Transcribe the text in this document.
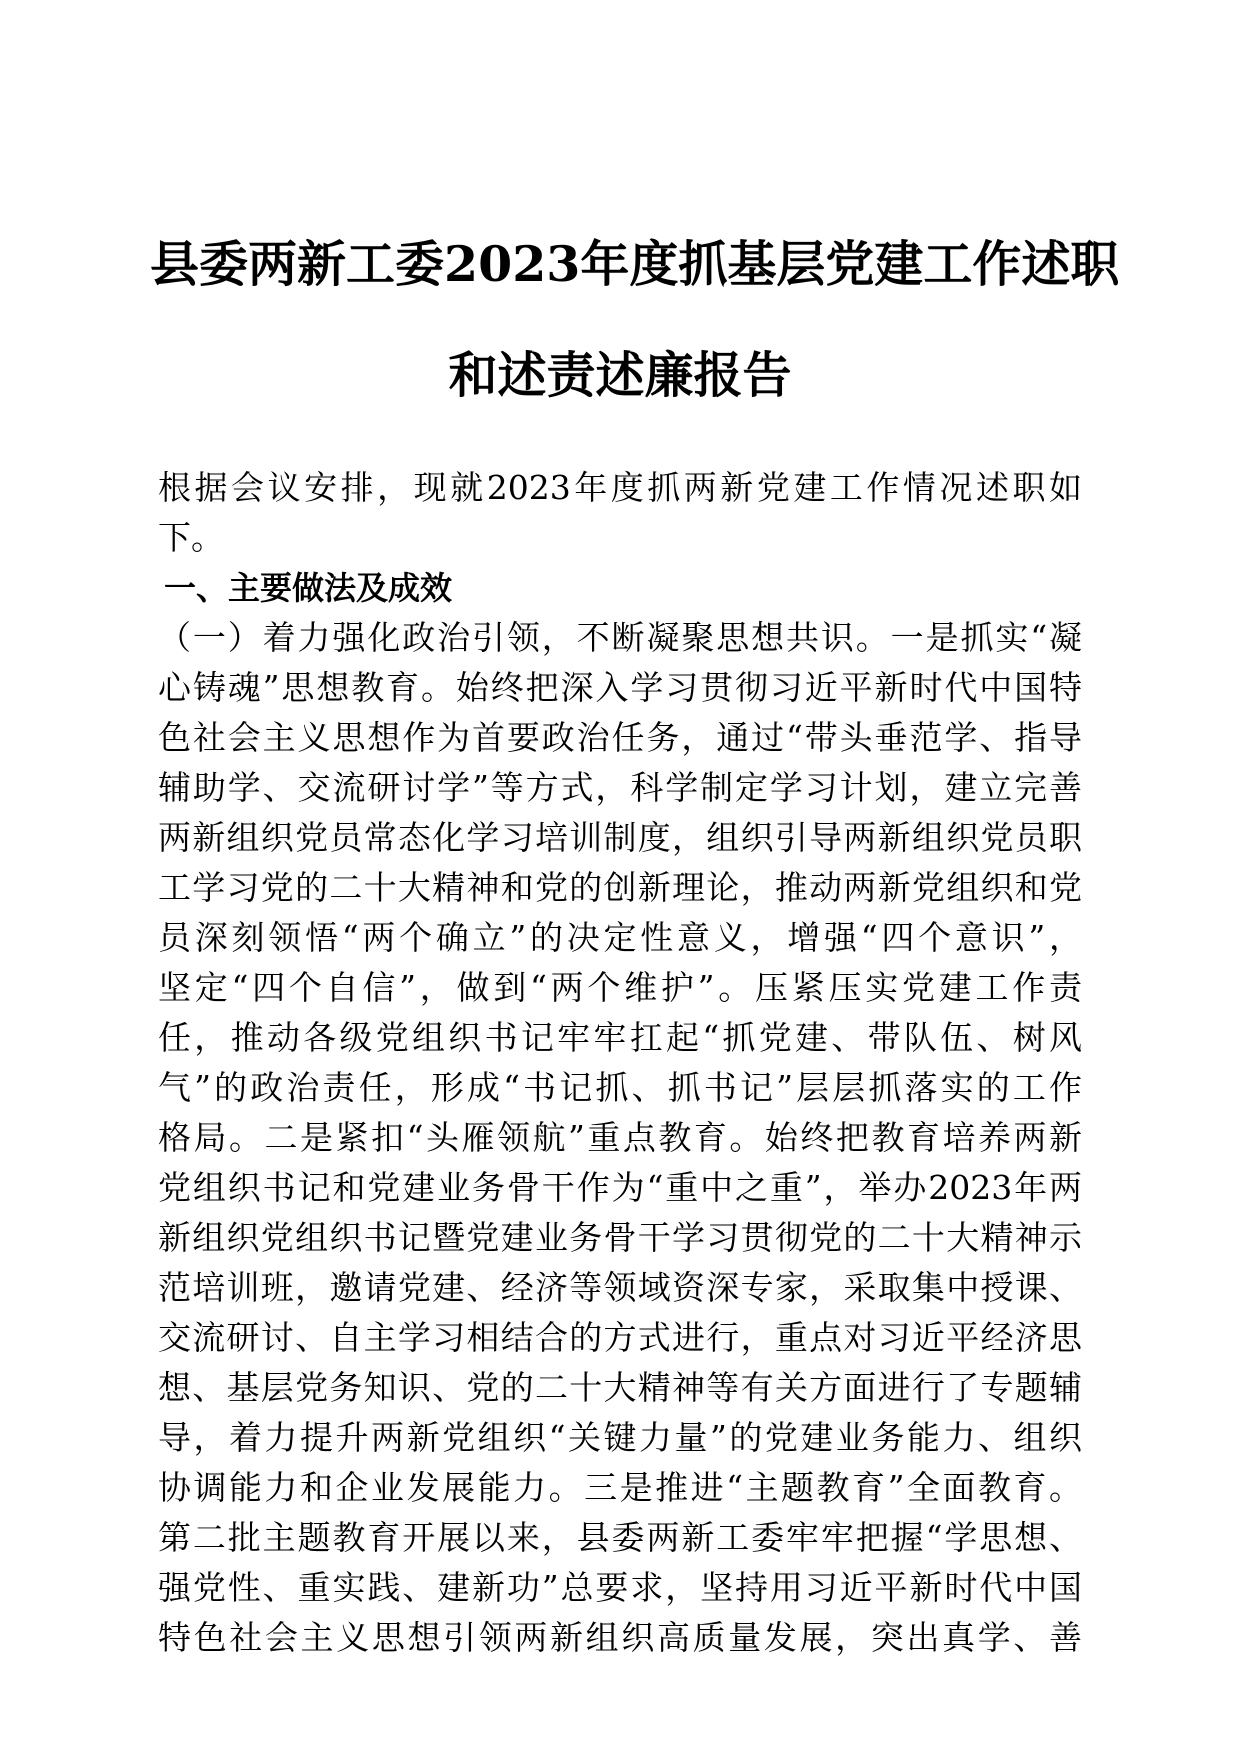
县委两新工委2023年度抓基层党建工作述职
和述责述廉报告
根据会议安排，现就2023年度抓两新党建工作情况述职如
下。
一、主要做法及成效
（一）着力强化政治引领，不断凝聚思想共识。一是抓实“凝
心铸魂”思想教育。始终把深入学习贯彻习近平新时代中国特
色社会主义思想作为首要政治任务，通过“带头垂范学、指导
辅助学、交流研讨学”等方式，科学制定学习计划，建立完善
两新组织党员常态化学习培训制度，组织引导两新组织党员职
工学习党的二十大精神和党的创新理论，推动两新党组织和党
员深刻领悟“两个确立”的决定性意义，增强“四个意识”，
坚定“四个自信”，做到“两个维护”。压紧压实党建工作责
任，推动各级党组织书记牢牢扛起“抓党建、带队伍、树风
气”的政治责任，形成“书记抓、抓书记”层层抓落实的工作
格局。二是紧扣“头雁领航”重点教育。始终把教育培养两新
党组织书记和党建业务骨干作为“重中之重”，举办2023年两
新组织党组织书记暨党建业务骨干学习贯彻党的二十大精神示
范培训班，邀请党建、经济等领域资深专家，采取集中授课、
交流研讨、自主学习相结合的方式进行，重点对习近平经济思
想、基层党务知识、党的二十大精神等有关方面进行了专题辅
导，着力提升两新党组织“关键力量”的党建业务能力、组织
协调能力和企业发展能力。三是推进“主题教育”全面教育。
第二批主题教育开展以来，县委两新工委牢牢把握“学思想、
强党性、重实践、建新功”总要求，坚持用习近平新时代中国
特色社会主义思想引领两新组织高质量发展，突出真学、善
